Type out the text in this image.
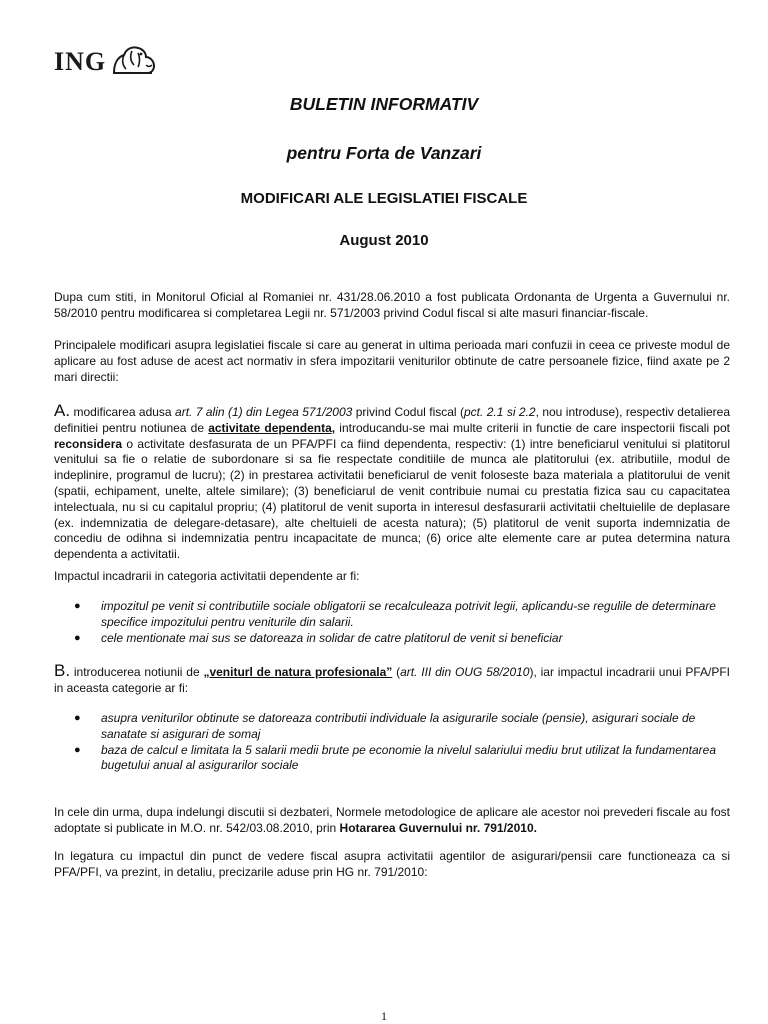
ING
BULETIN INFORMATIV
pentru Forta de Vanzari
MODIFICARI ALE LEGISLATIEI FISCALE
August 2010
Dupa cum stiti, in Monitorul Oficial al Romaniei nr. 431/28.06.2010 a fost publicata Ordonanta de Urgenta a Guvernului nr. 58/2010 pentru modificarea si completarea Legii nr. 571/2003 privind Codul fiscal si alte masuri financiar-fiscale.
Principalele modificari asupra legislatiei fiscale si care au generat in ultima perioada mari confuzii in ceea ce priveste modul de aplicare au fost aduse de acest act normativ in sfera impozitarii veniturilor obtinute de catre persoanele fizice, fiind axate pe 2 mari directii:
A. modificarea adusa art. 7 alin (1) din Legea 571/2003 privind Codul fiscal (pct. 2.1 si 2.2, nou introduse), respectiv detalierea definitiei pentru notiunea de activitate dependenta, introducandu-se mai multe criterii in functie de care inspectorii fiscali pot reconsidera o activitate desfasurata de un PFA/PFI ca fiind dependenta, respectiv: (1) intre beneficiarul venitului si platitorul venitului sa fie o relatie de subordonare si sa fie respectate conditiile de munca ale platitorului (ex. atributiile, modul de indeplinire, programul de lucru); (2) in prestarea activitatii beneficiarul de venit foloseste baza materiala a platitorului de venit (spatii, echipament, unelte, altele similare); (3) beneficiarul de venit contribuie numai cu prestatia fizica sau cu capacitatea intelectuala, nu si cu capitalul propriu; (4) platitorul de venit suporta in interesul desfasurarii activitatii cheltuielile de deplasare (ex. indemnizatia de delegare-detasare), alte cheltuieli de acesta natura); (5) platitorul de venit suporta indemnizatia de concediu de odihna si indemnizatia pentru incapacitate de munca; (6) orice alte elemente care ar putea determina natura dependenta a activitatii.
Impactul incadrarii in categoria activitatii dependente ar fi:
● impozitul pe venit si contributiile sociale obligatorii se recalculeaza potrivit legii, aplicandu-se regulile de determinare specifice impozitului pentru veniturile din salarii.
● cele mentionate mai sus se datoreaza in solidar de catre platitorul de venit si beneficiar
B. introducerea notiunii de „veniturl de natura profesionala” (art. III din OUG 58/2010), iar impactul incadrarii unui PFA/PFI in aceasta categorie ar fi:
● asupra veniturilor obtinute se datoreaza contributii individuale la asigurarile sociale (pensie), asigurari sociale de sanatate si asigurari de somaj
● baza de calcul e limitata la 5 salarii medii brute pe economie la nivelul salariului mediu brut utilizat la fundamentarea bugetului anual al asigurarilor sociale
In cele din urma, dupa indelungi discutii si dezbateri, Normele metodologice de aplicare ale acestor noi prevederi fiscale au fost adoptate si publicate in M.O. nr. 542/03.08.2010, prin Hotararea Guvernului nr. 791/2010.
In legatura cu impactul din punct de vedere fiscal asupra activitatii agentilor de asigurari/pensii care functioneaza ca si PFA/PFI, va prezint, in detaliu, precizarile aduse prin HG nr. 791/2010:
1
